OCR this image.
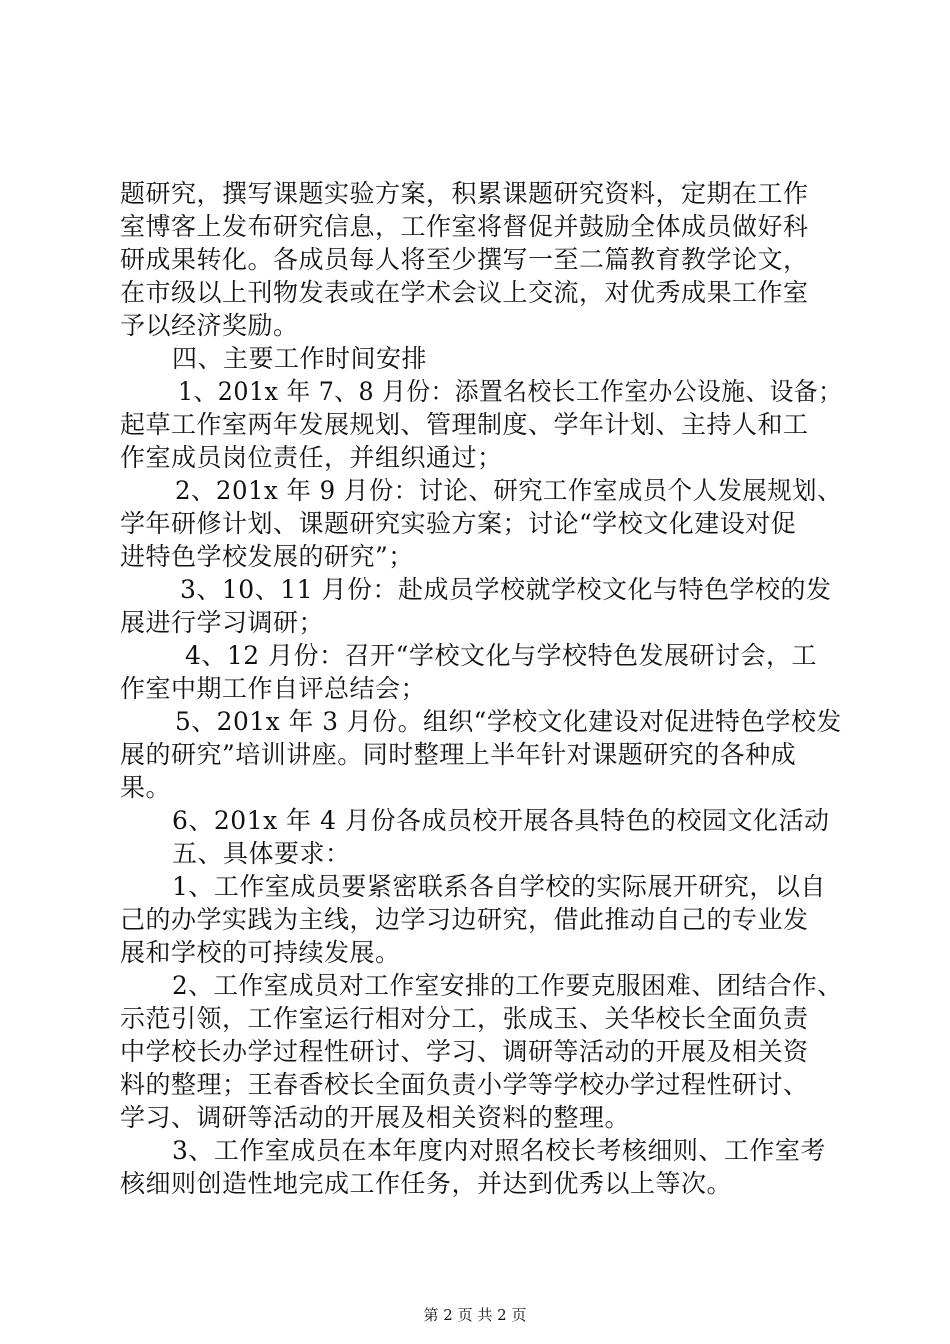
题研究，撰写课题实验方案，积累课题研究资料，定期在工作
室博客上发布研究信息，工作室将督促并鼓励全体成员做好科
研成果转化。各成员每人将至少撰写一至二篇教育教学论文，
在市级以上刊物发表或在学术会议上交流，对优秀成果工作室
予以经济奖励。
四、主要工作时间安排
1、201x 年 7、8 月份：添置名校长工作室办公设施、设备；
起草工作室两年发展规划、管理制度、学年计划、主持人和工
作室成员岗位责任，并组织通过；
2、201x 年 9 月份：讨论、研究工作室成员个人发展规划、
学年研修计划、课题研究实验方案；讨论“学校文化建设对促
进特色学校发展的研究”；
3、10、11 月份：赴成员学校就学校文化与特色学校的发
展进行学习调研；
4、12 月份：召开“学校文化与学校特色发展研讨会，工
作室中期工作自评总结会；
5、201x 年 3 月份。组织“学校文化建设对促进特色学校发
展的研究”培训讲座。同时整理上半年针对课题研究的各种成
果。
6、201x 年 4 月份各成员校开展各具特色的校园文化活动
五、具体要求：
1、工作室成员要紧密联系各自学校的实际展开研究，以自
己的办学实践为主线，边学习边研究，借此推动自己的专业发
展和学校的可持续发展。
2、工作室成员对工作室安排的工作要克服困难、团结合作、
示范引领，工作室运行相对分工，张成玉、关华校长全面负责
中学校长办学过程性研讨、学习、调研等活动的开展及相关资
料的整理；王春香校长全面负责小学等学校办学过程性研讨、
学习、调研等活动的开展及相关资料的整理。
3、工作室成员在本年度内对照名校长考核细则、工作室考
核细则创造性地完成工作任务，并达到优秀以上等次。
第 2 页 共 2 页
